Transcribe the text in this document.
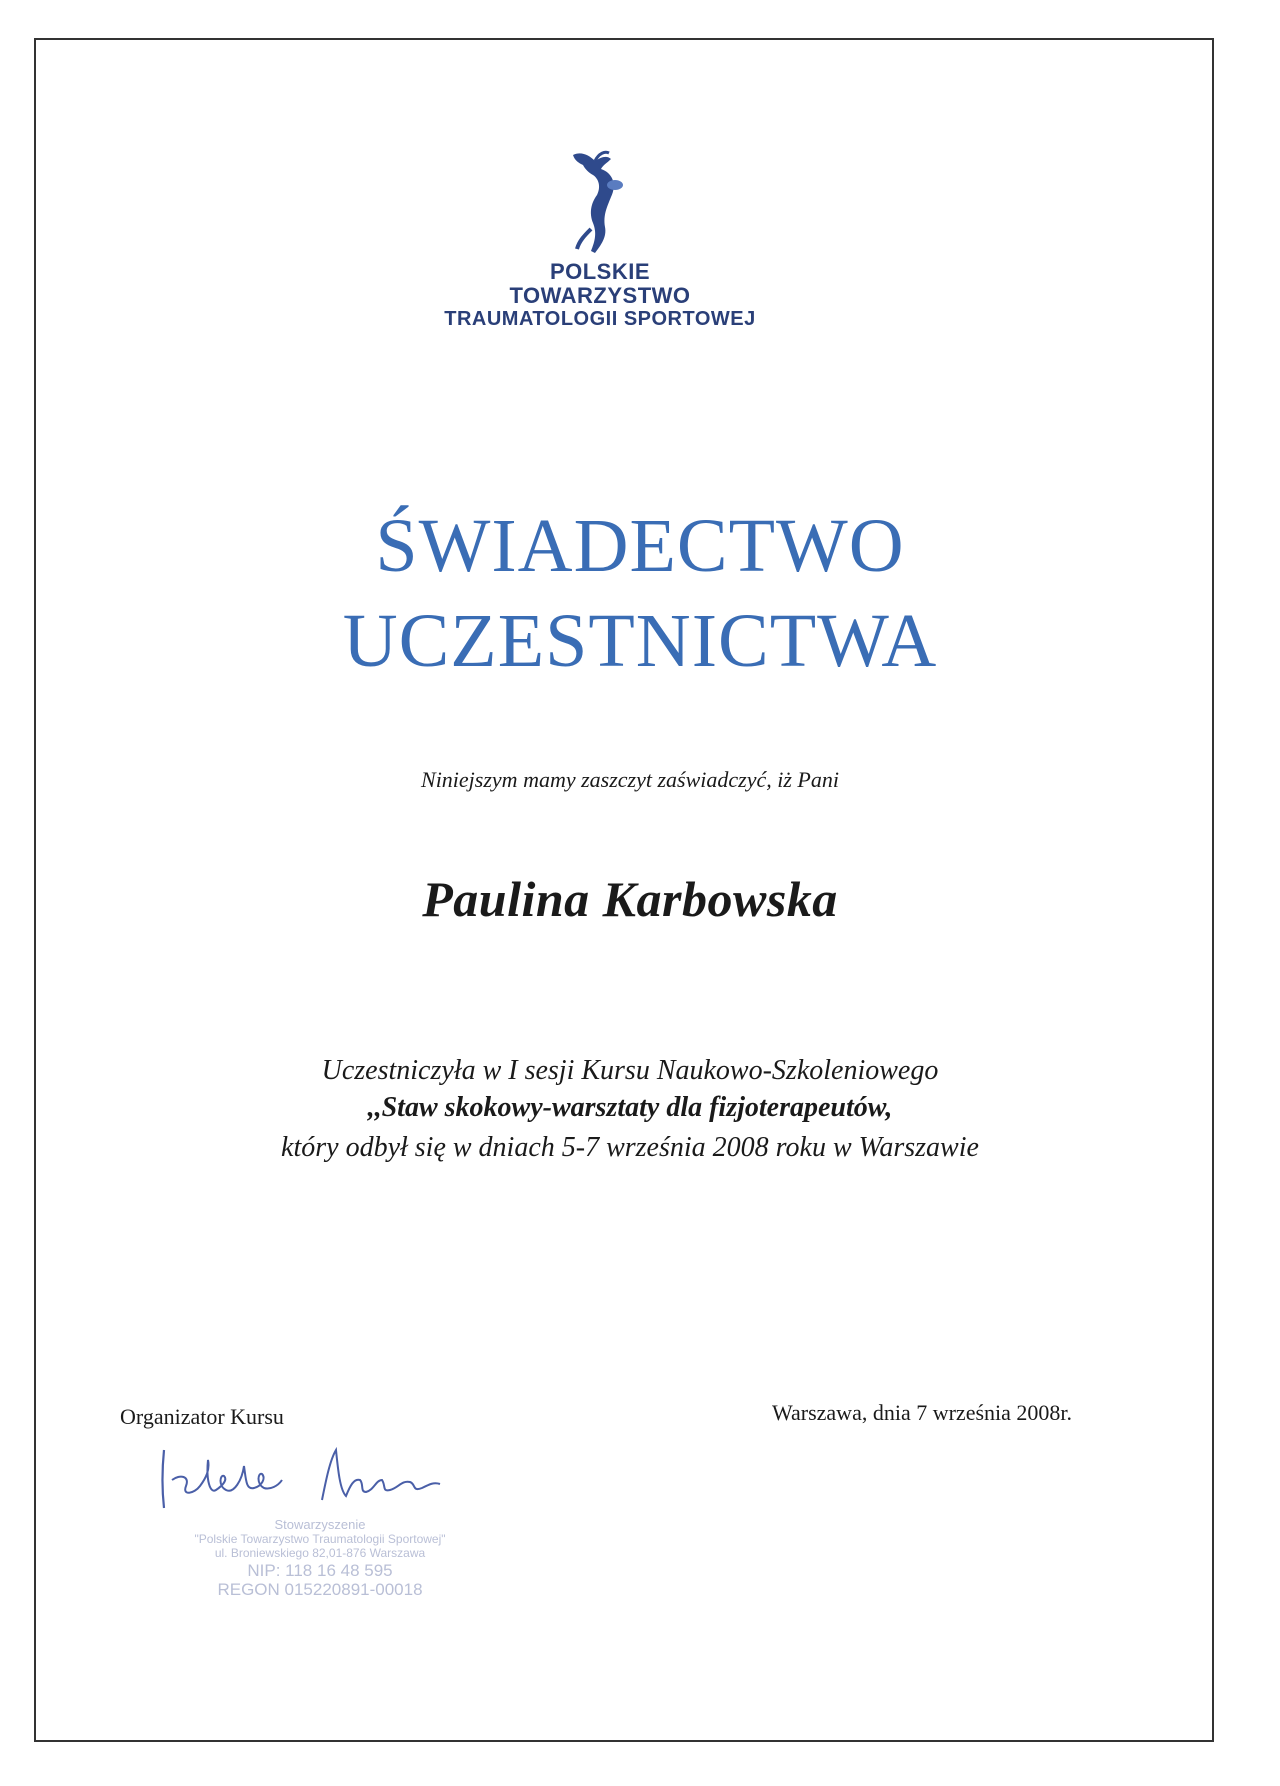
POLSKIE
TOWARZYSTWO
TRAUMATOLOGII SPORTOWEJ
ŚWIADECTWO
UCZESTNICTWA
Niniejszym mamy zaszczyt zaświadczyć, iż Pani
Paulina Karbowska
Uczestniczyła w I sesji Kursu Naukowo-Szkoleniowego
,,Staw skokowy-warsztaty dla fizjoterapeutów,
który odbył się w dniach 5-7 września 2008 roku w Warszawie
Organizator Kursu	Warszawa, dnia 7 września 2008r.
Stowarzyszenie
"Polskie Towarzystwo Traumatologii Sportowej"
ul. Broniewskiego 82,01-876 Warszawa
NIP: 118 16 48 595
REGON 015220891-00018
